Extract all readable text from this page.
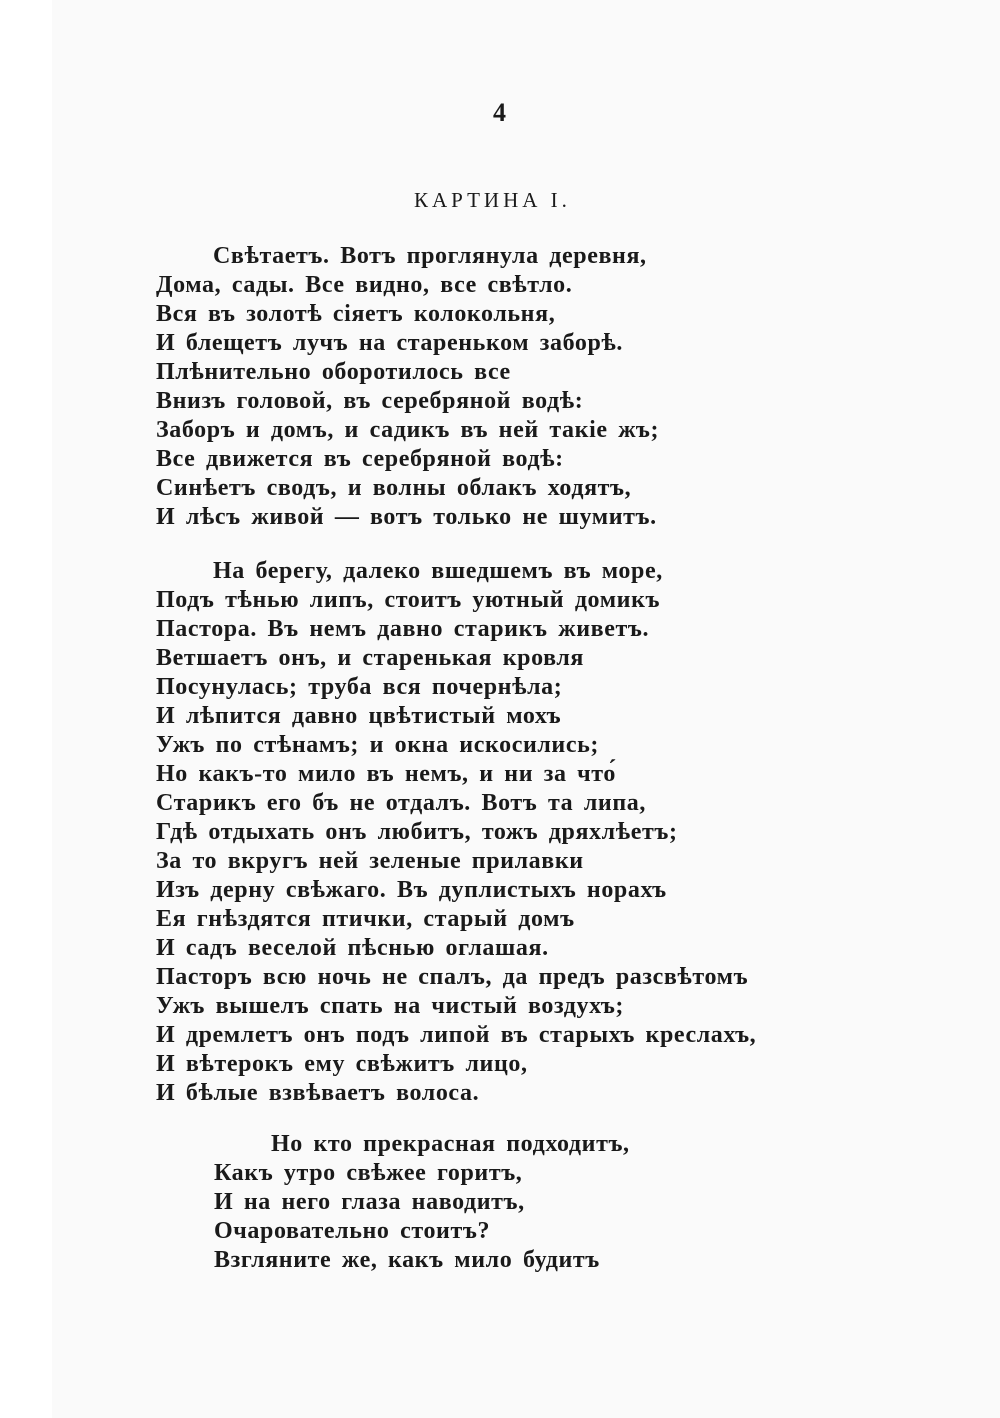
4
КАРТИНА I.
Свѣтаетъ. Вотъ проглянула деревня,
Дома, сады. Все видно, все свѣтло.
Вся въ золотѣ сіяетъ колокольня,
И блещетъ лучъ на стареньком заборѣ.
Плѣнительно оборотилось все
Внизъ головой, въ серебряной водѣ:
Заборъ и домъ, и садикъ въ ней такіе жъ;
Все движется въ серебряной водѣ:
Синѣетъ сводъ, и волны облакъ ходятъ,
И лѣсъ живой — вотъ только не шумитъ.
На берегу, далеко вшедшемъ въ море,
Подъ тѣнью липъ, стоитъ уютный домикъ
Пастора. Въ немъ давно старикъ живетъ.
Ветшаетъ онъ, и старенькая кровля
Посунулась; труба вся почернѣла;
И лѣпится давно цвѣтистый мохъ
Ужъ по стѣнамъ; и окна искосились;
Но какъ-то мило въ немъ, и ни за что́
Старикъ его бъ не отдалъ. Вотъ та липа,
Гдѣ отдыхать онъ любитъ, тожъ дряхлѣетъ;
За то вкругъ ней зеленые прилавки
Изъ дерну свѣжаго. Въ дуплистыхъ норахъ
Ея гнѣздятся птички, старый домъ
И садъ веселой пѣснью оглашая.
Пасторъ всю ночь не спалъ, да предъ разсвѣтомъ
Ужъ вышелъ спать на чистый воздухъ;
И дремлетъ онъ подъ липой въ старыхъ креслахъ,
И вѣтерокъ ему свѣжитъ лицо,
И бѣлые взвѣваетъ волоса.
Но кто прекрасная подходитъ,
Какъ утро свѣжее горитъ,
И на него глаза наводитъ,
Очаровательно стоитъ?
Взгляните же, какъ мило будитъ
